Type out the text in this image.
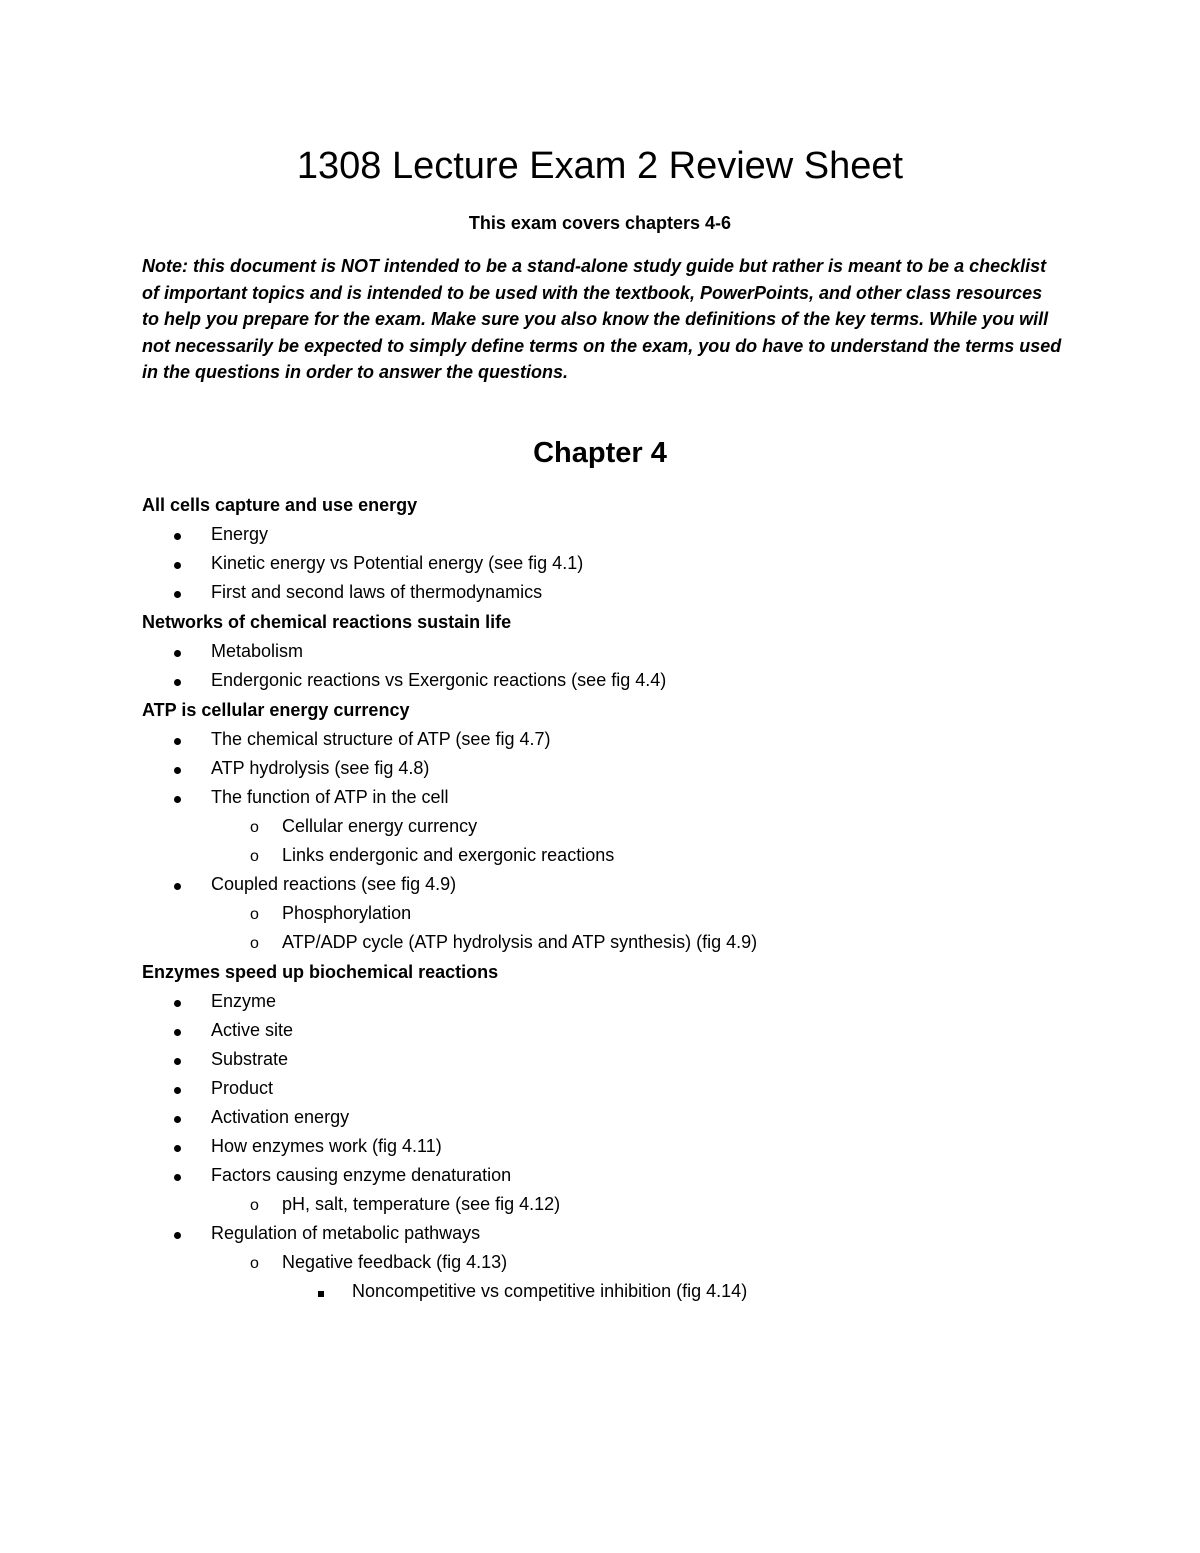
1308 Lecture Exam 2 Review Sheet
This exam covers chapters 4-6
Note: this document is NOT intended to be a stand-alone study guide but rather is meant to be a checklist of important topics and is intended to be used with the textbook, PowerPoints, and other class resources to help you prepare for the exam. Make sure you also know the definitions of the key terms. While you will not necessarily be expected to simply define terms on the exam, you do have to understand the terms used in the questions in order to answer the questions.
Chapter 4
All cells capture and use energy
Energy
Kinetic energy vs Potential energy (see fig 4.1)
First and second laws of thermodynamics
Networks of chemical reactions sustain life
Metabolism
Endergonic reactions vs Exergonic reactions (see fig 4.4)
ATP is cellular energy currency
The chemical structure of ATP (see fig 4.7)
ATP hydrolysis (see fig 4.8)
The function of ATP in the cell
o Cellular energy currency
o Links endergonic and exergonic reactions
Coupled reactions (see fig 4.9)
o Phosphorylation
o ATP/ADP cycle (ATP hydrolysis and ATP synthesis) (fig 4.9)
Enzymes speed up biochemical reactions
Enzyme
Active site
Substrate
Product
Activation energy
How enzymes work (fig 4.11)
Factors causing enzyme denaturation
o pH, salt, temperature (see fig 4.12)
Regulation of metabolic pathways
o Negative feedback (fig 4.13)
Noncompetitive vs competitive inhibition (fig 4.14)
